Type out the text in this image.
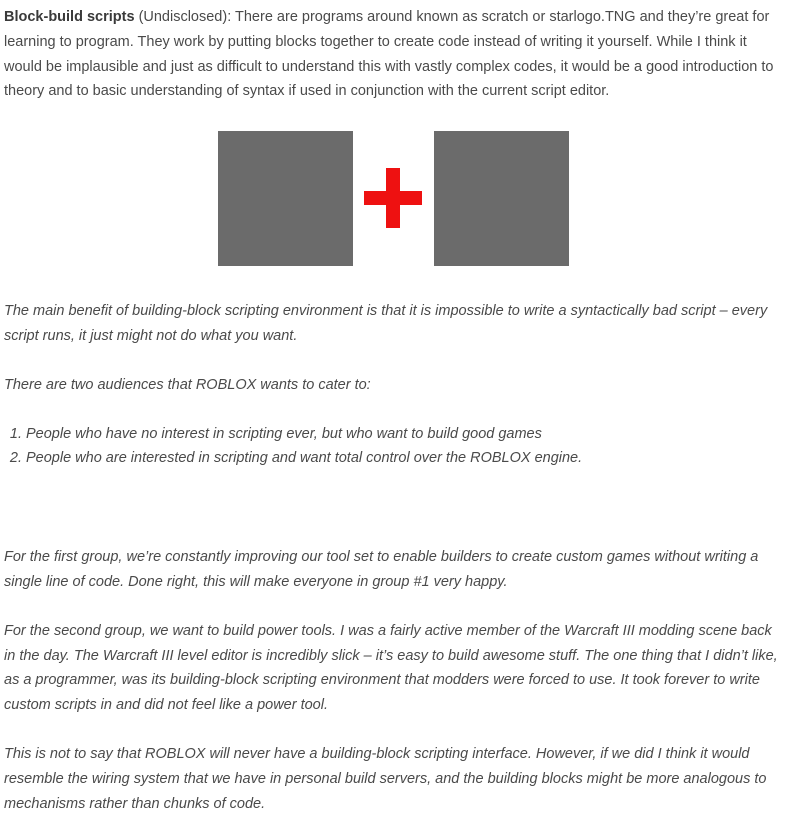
Block-build scripts (Undisclosed): There are programs around known as scratch or starlogo.TNG and they’re great for learning to program. They work by putting blocks together to create code instead of writing it yourself. While I think it would be implausible and just as difficult to understand this with vastly complex codes, it would be a good introduction to theory and to basic understanding of syntax if used in conjunction with the current script editor.

The main benefit of building-block scripting environment is that it is impossible to write a syntactically bad script – every script runs, it just might not do what you want.

There are two audiences that ROBLOX wants to cater to:

1. People who have no interest in scripting ever, but who want to build good games
2. People who are interested in scripting and want total control over the ROBLOX engine.

For the first group, we’re constantly improving our tool set to enable builders to create custom games without writing a single line of code. Done right, this will make everyone in group #1 very happy.

For the second group, we want to build power tools. I was a fairly active member of the Warcraft III modding scene back in the day. The Warcraft III level editor is incredibly slick – it’s easy to build awesome stuff. The one thing that I didn’t like, as a programmer, was its building-block scripting environment that modders were forced to use. It took forever to write custom scripts in and did not feel like a power tool.

This is not to say that ROBLOX will never have a building-block scripting interface. However, if we did I think it would resemble the wiring system that we have in personal build servers, and the building blocks might be more analogous to mechanisms rather than chunks of code.
